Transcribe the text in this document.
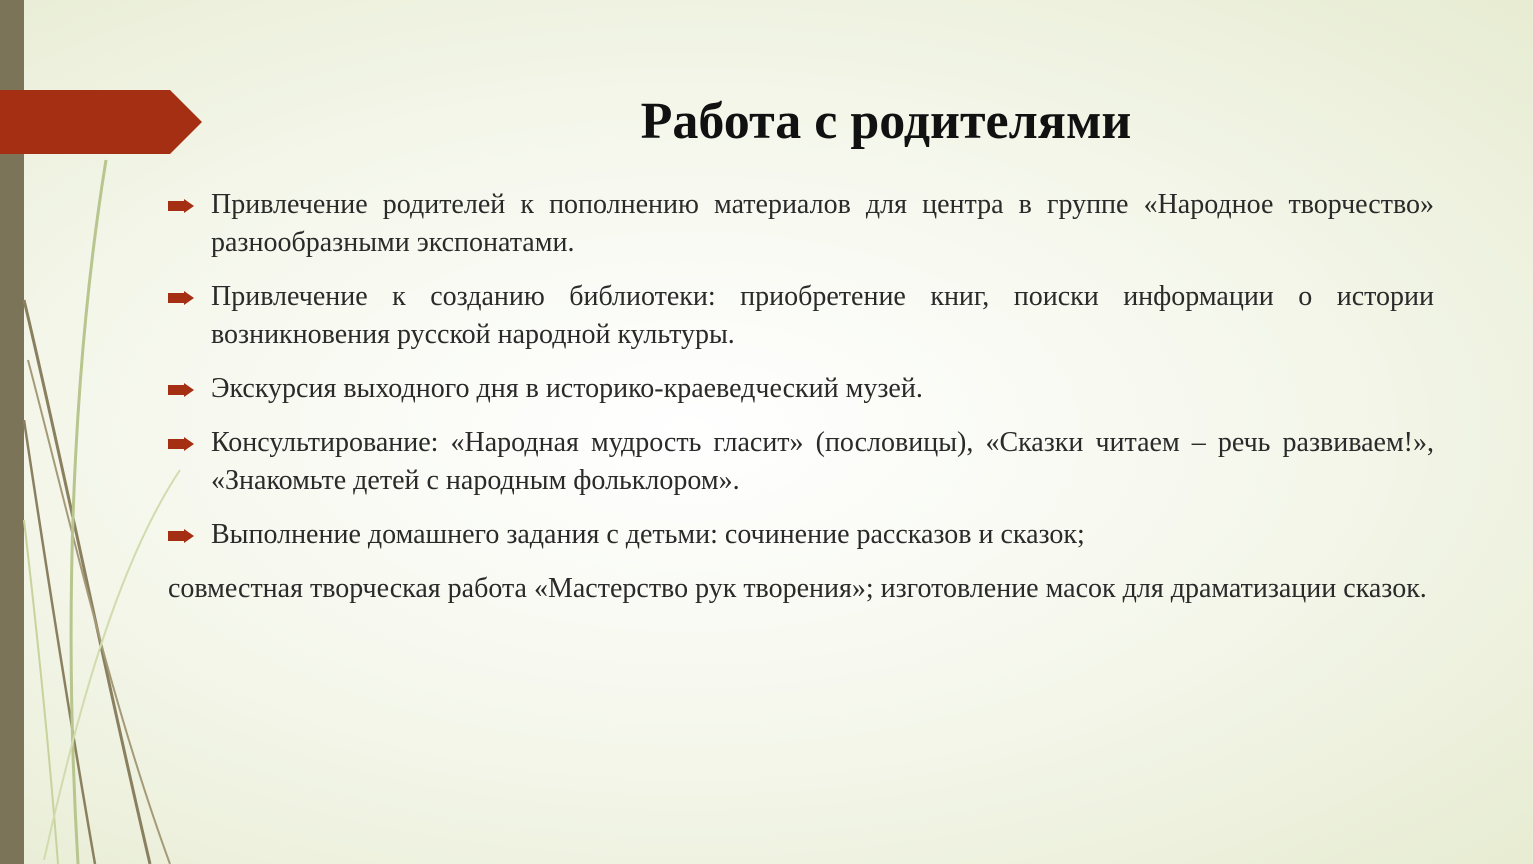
Работа с родителями
Привлечение родителей к пополнению материалов для центра в группе «Народное творчество» разнообразными экспонатами.
Привлечение к созданию библиотеки: приобретение книг, поиски информации о истории возникновения русской народной культуры.
Экскурсия выходного дня в историко-краеведческий музей.
Консультирование: «Народная мудрость гласит» (пословицы), «Сказки читаем – речь развиваем!», «Знакомьте детей с народным фольклором».
Выполнение домашнего задания с детьми: сочинение рассказов и сказок;

совместная творческая работа «Мастерство рук творения»; изготовление масок для драматизации сказок.
